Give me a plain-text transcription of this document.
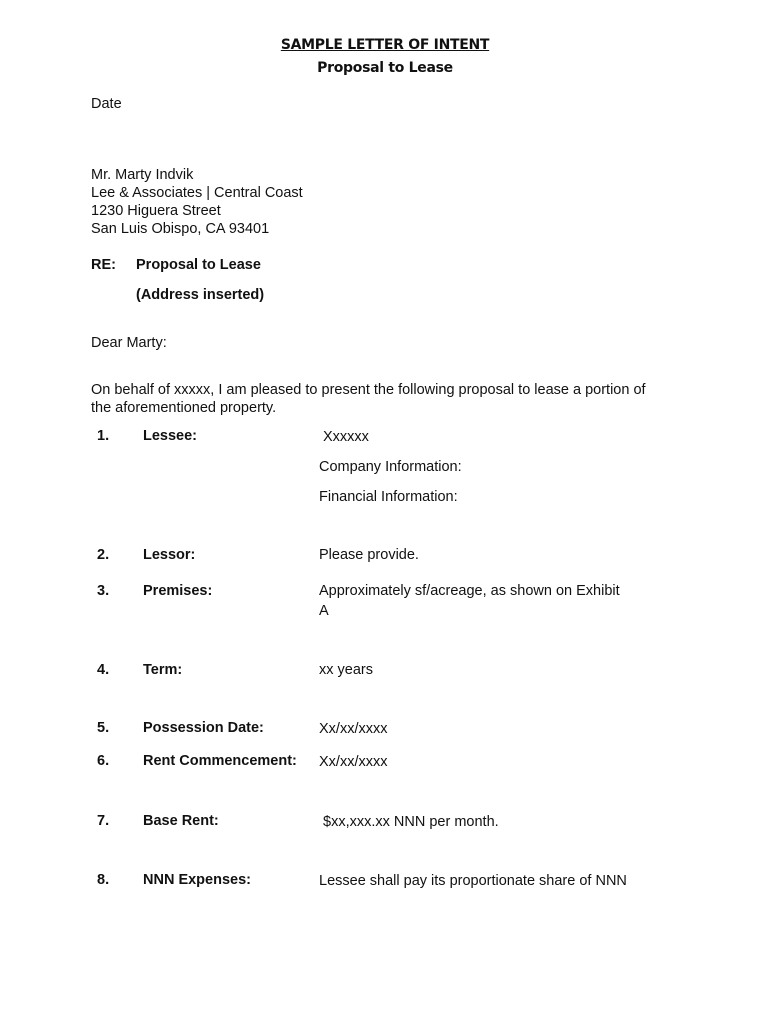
SAMPLE LETTER OF INTENT
Proposal to Lease
Date
Mr. Marty Indvik
Lee & Associates | Central Coast
1230 Higuera Street
San Luis Obispo, CA 93401
RE: Proposal to Lease
(Address inserted)
Dear Marty:
On behalf of xxxxx, I am pleased to present the following proposal to lease a portion of
the aforementioned property.
1. Lessee:	Xxxxxx
Company Information:
Financial Information:
2. Lessor:	Please provide.
3. Premises:	Approximately sf/acreage, as shown on Exhibit
A
4. Term:	xx years
5. Possession Date:	Xx/xx/xxxx
6. Rent Commencement: Xx/xx/xxxx
7. Base Rent:	$xx,xxx.xx NNN per month.
8. NNN Expenses:	Lessee shall pay its proportionate share of NNN
